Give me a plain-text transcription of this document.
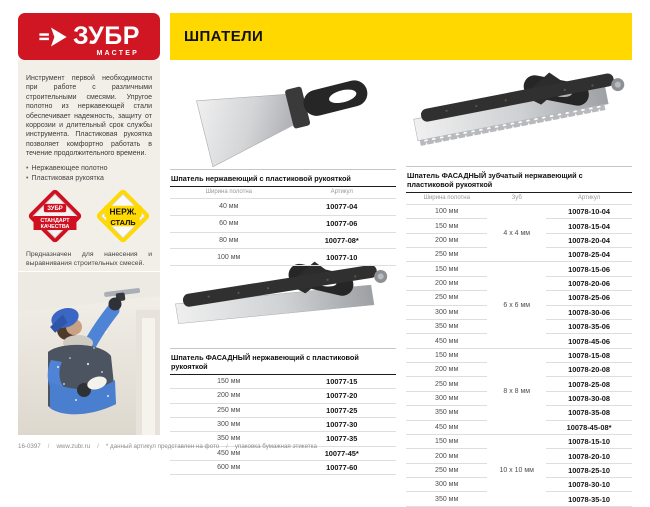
ЗУБР
МАСТЕР
ШПАТЕЛИ
Инструмент первой необходимости при работе с различными строительными смесями. Упругое полотно из нержавеющей стали обеспечивает надежность, защиту от коррозии и длительный срок службы инструмента. Пластиковая рукоятка позволяет комфортно работать в течение продолжительного времени.
• Нержавеющее полотно
• Пластиковая рукоятка
ЗУБР
СТАНДАРТ
КАЧЕСТВА
НЕРЖ.
СТАЛЬ
Предназначен для нанесения и выравнивания строительных смесей.
Шпатель нержавеющий с пластиковой рукояткой
Ширина полотна	Артикул
40 мм	10077-04
60 мм	10077-06
80 мм	10077-08*
100 мм	10077-10
Шпатель ФАСАДНЫЙ нержавеющий с пластиковой рукояткой
150 мм	10077-15
200 мм	10077-20
250 мм	10077-25
300 мм	10077-30
350 мм	10077-35
450 мм	10077-45*
600 мм	10077-60
Шпатель ФАСАДНЫЙ зубчатый нержавеющий с пластиковой рукояткой
Ширина полотна	Зуб	Артикул
100 мм	4 х 4 мм	10078-10-04
150 мм		10078-15-04
200 мм		10078-20-04
250 мм		10078-25-04
150 мм	6 х 6 мм	10078-15-06
200 мм		10078-20-06
250 мм		10078-25-06
300 мм		10078-30-06
350 мм		10078-35-06
450 мм		10078-45-06
150 мм	8 х 8 мм	10078-15-08
200 мм		10078-20-08
250 мм		10078-25-08
300 мм		10078-30-08
350 мм		10078-35-08
450 мм		10078-45-08*
150 мм	10 х 10 мм	10078-15-10
200 мм		10078-20-10
250 мм		10078-25-10
300 мм		10078-30-10
350 мм		10078-35-10
16-0397 / www.zubr.ru / * данный артикул представлен на фото / упаковка бумажная этикетка
